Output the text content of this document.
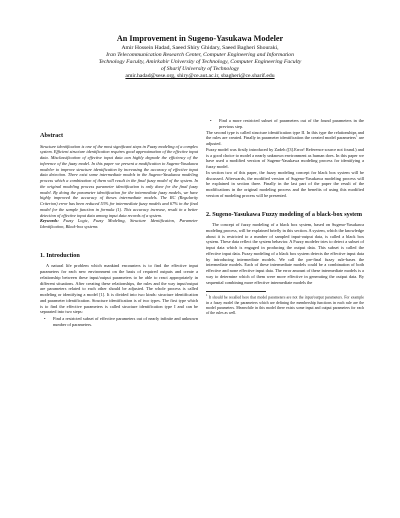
An Improvement in Sugeno-Yasukawa Modeler
Amir Hossein Hadad, Saeed Shiry Ghidary, Saeed Bagheri Shouraki,
Iran Telecommunication Research Center, Computer Engineering and Information
Technology Faculty, Amirkabir University of Technology, Computer Engineering Faculty
of Sharif University of Technology
amir.hadad@sese.org, shiry@ce.aut.ac.ir, sbagheri@ce.sharif.edu
Abstract

Structure identification is one of the most significant steps in Fuzzy modeling of a complex system. Efficient structure identification requires good approximation of the effective input data. Misclassification of effective input data can highly degrade the efficiency of the inference of the fuzzy model. In this paper we present a modification to Sugeno-Yasukawa modeler to improve structure identification by increasing the accuracy of effective input data detection. There exist some intermediate models in the Sugeno-Yasukawa modeling process which a combination of them will result in the final fuzzy model of the system. In the original modeling process parameter identification is only done for the final fuzzy model. By doing the parameter identification for the intermediate fuzzy models, we have highly improved the accuracy of theses intermediate models. The RC (Regularity Criterion) error has been reduced 53% for intermediate fuzzy models and 67% in the final model for the sample function in formula (1). This accuracy increase, result in a better detection of effective input data among input data records of a system.

Keywords: Fuzzy Logic, Fuzzy Modeling, Structure Identification, Parameter Identification, Black-box systems

1. Introduction

A natural life problem which mankind encounters is to find the effective input parameters for each new environment on the basis of required outputs and create a relationship between these input/output parameters to be able to react appropriately in different situations. After creating these relationships, the rules and the way input/output are parameters related to each other should be adjusted. The whole process is called modeling or identifying a model [1]. It is divided into two kinds: structure identification and parameter identification. Structure identification is of two types. The first type which is to find the effective parameters is called structure identification type I and can be separated into two steps:

•	Find a restricted subset of effective parameters out of nearly infinite and unknown number of parameters.
•	Find a more restricted subset of parameters out of the found parameters in the previous step.

The second type is called structure identification type II. In this type the relationships and the rules are created. Finally in parameter identification the created model parameters$^1$ are adjusted.

Fuzzy model was firstly introduced by Zadeh ([3].Error! Reference source not found.) and is a good choice to model a nearly unknown environment as human does. In this paper we have used a modified version of Sugeno-Yasukawa modeling process for identifying a fuzzy model.

In section two of this paper, the fuzzy modeling concept for black box system will be discussed. Afterwards, the modified version of Sugeno-Yasukawa modeling process will be explained in section three. Finally in the last part of the paper the result of the modifications in the original modeling process and the benefits of using this modified version of modeling process will be presented.

2. Sugeno-Yasukawa Fuzzy modeling of a black-box system

The concept of fuzzy modeling of a black box system, based on Sugeno-Yasukawa modeling process, will be explained briefly in this section. A system, which the knowledge about it is restricted to a number of sampled input-output data, is called a black box system. These data reflect the system behavior. A Fuzzy modeler tries to detect a subset of input data which is engaged in producing the output data. This subset is called the effective input data. Fuzzy modeling of a black box system detects the effective input data by introducing intermediate models. We call the pre-final fuzzy rule-bases the intermediate models. Each of these intermediate models could be a combination of both effective and none effective input data. The error amount of these intermediate models is a way to determine which of them were more effective in generating the output data. By sequential combining more effective intermediate models the

$^1$ It should be recalled here that model parameters are not the input/output parameters. For example in a fuzzy model the parameters which are defining the membership functions in each rule are the model parameters. Meanwhile in this model there exists some input and output parameters for each of the rules as well.
